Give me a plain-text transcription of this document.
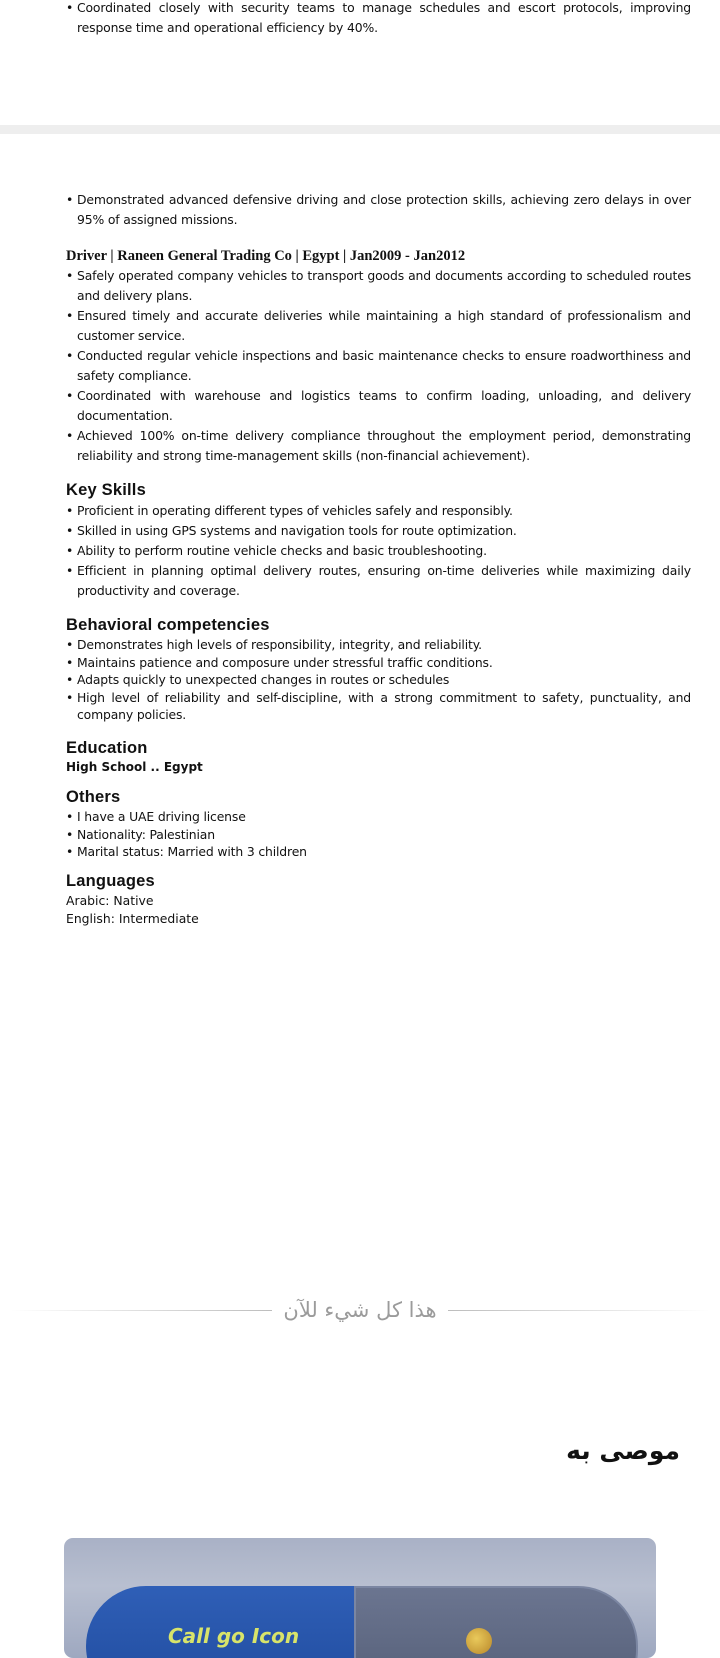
• Coordinated closely with security teams to manage schedules and escort protocols, improving response time and operational efficiency by 40%.
• Demonstrated advanced defensive driving and close protection skills, achieving zero delays in over 95% of assigned missions.

Driver | Raneen General Trading Co | Egypt | Jan2009 - Jan2012

• Safely operated company vehicles to transport goods and documents according to scheduled routes and delivery plans.
• Ensured timely and accurate deliveries while maintaining a high standard of professionalism and customer service.
• Conducted regular vehicle inspections and basic maintenance checks to ensure roadworthiness and safety compliance.
• Coordinated with warehouse and logistics teams to confirm loading, unloading, and delivery documentation.
• Achieved 100% on-time delivery compliance throughout the employment period, demonstrating reliability and strong time-management skills (non-financial achievement).
Key Skills
• Proficient in operating different types of vehicles safely and responsibly.
• Skilled in using GPS systems and navigation tools for route optimization.
• Ability to perform routine vehicle checks and basic troubleshooting.
• Efficient in planning optimal delivery routes, ensuring on-time deliveries while maximizing daily productivity and coverage.
Behavioral competencies
• Demonstrates high levels of responsibility, integrity, and reliability.
• Maintains patience and composure under stressful traffic conditions.
• Adapts quickly to unexpected changes in routes or schedules
• High level of reliability and self-discipline, with a strong commitment to safety, punctuality, and company policies.
Education

High School .. Egypt

Others
• I have a UAE driving license
• Nationality: Palestinian
• Marital status: Married with 3 children
Languages

Arabic: Native

English: Intermediate

هذا كل شيء للآن
موصى به
Call go Icon
